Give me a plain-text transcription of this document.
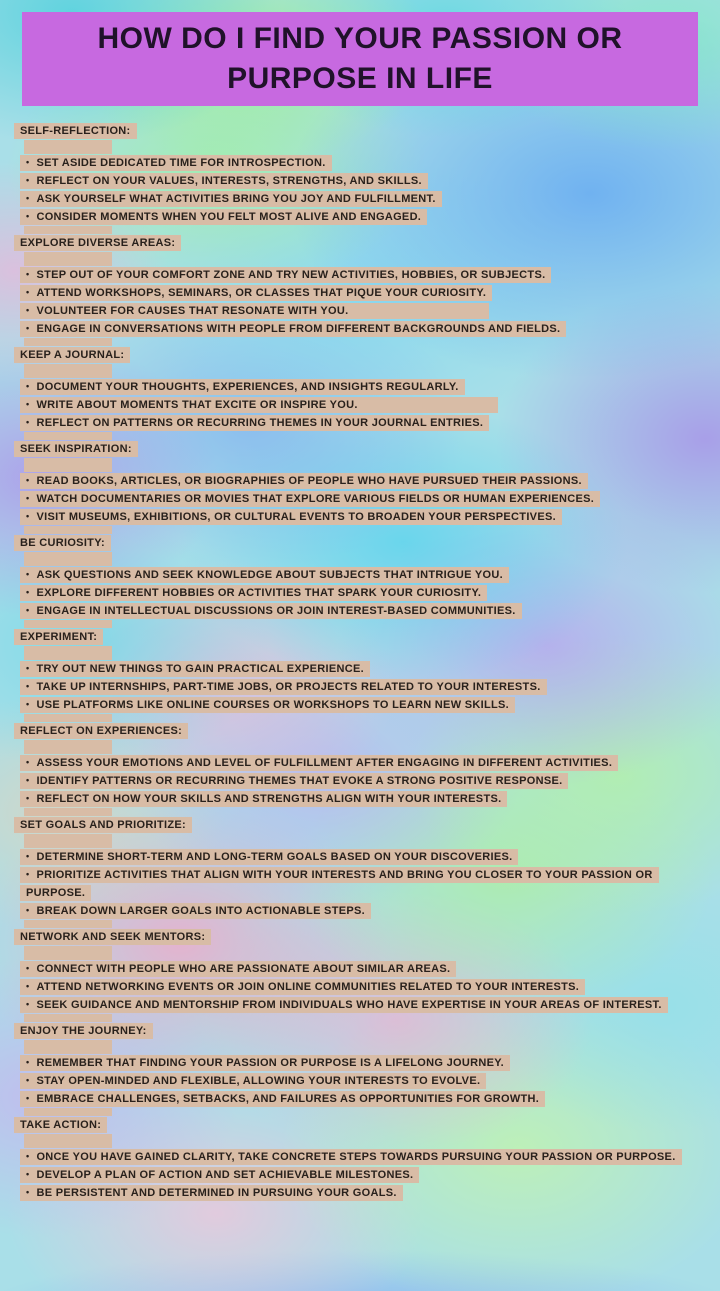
HOW DO I FIND YOUR PASSION OR PURPOSE IN LIFE
SELF-REFLECTION:
• SET ASIDE DEDICATED TIME FOR INTROSPECTION.
• REFLECT ON YOUR VALUES, INTERESTS, STRENGTHS, AND SKILLS.
• ASK YOURSELF WHAT ACTIVITIES BRING YOU JOY AND FULFILLMENT.
• CONSIDER MOMENTS WHEN YOU FELT MOST ALIVE AND ENGAGED.
EXPLORE DIVERSE AREAS:
• STEP OUT OF YOUR COMFORT ZONE AND TRY NEW ACTIVITIES, HOBBIES, OR SUBJECTS.
• ATTEND WORKSHOPS, SEMINARS, OR CLASSES THAT PIQUE YOUR CURIOSITY.
• VOLUNTEER FOR CAUSES THAT RESONATE WITH YOU.
• ENGAGE IN CONVERSATIONS WITH PEOPLE FROM DIFFERENT BACKGROUNDS AND FIELDS.
KEEP A JOURNAL:
• DOCUMENT YOUR THOUGHTS, EXPERIENCES, AND INSIGHTS REGULARLY.
• WRITE ABOUT MOMENTS THAT EXCITE OR INSPIRE YOU.
• REFLECT ON PATTERNS OR RECURRING THEMES IN YOUR JOURNAL ENTRIES.
SEEK INSPIRATION:
• READ BOOKS, ARTICLES, OR BIOGRAPHIES OF PEOPLE WHO HAVE PURSUED THEIR PASSIONS.
• WATCH DOCUMENTARIES OR MOVIES THAT EXPLORE VARIOUS FIELDS OR HUMAN EXPERIENCES.
• VISIT MUSEUMS, EXHIBITIONS, OR CULTURAL EVENTS TO BROADEN YOUR PERSPECTIVES.
BE CURIOSITY:
• ASK QUESTIONS AND SEEK KNOWLEDGE ABOUT SUBJECTS THAT INTRIGUE YOU.
• EXPLORE DIFFERENT HOBBIES OR ACTIVITIES THAT SPARK YOUR CURIOSITY.
• ENGAGE IN INTELLECTUAL DISCUSSIONS OR JOIN INTEREST-BASED COMMUNITIES.
EXPERIMENT:
• TRY OUT NEW THINGS TO GAIN PRACTICAL EXPERIENCE.
• TAKE UP INTERNSHIPS, PART-TIME JOBS, OR PROJECTS RELATED TO YOUR INTERESTS.
• USE PLATFORMS LIKE ONLINE COURSES OR WORKSHOPS TO LEARN NEW SKILLS.
REFLECT ON EXPERIENCES:
• ASSESS YOUR EMOTIONS AND LEVEL OF FULFILLMENT AFTER ENGAGING IN DIFFERENT ACTIVITIES.
• IDENTIFY PATTERNS OR RECURRING THEMES THAT EVOKE A STRONG POSITIVE RESPONSE.
• REFLECT ON HOW YOUR SKILLS AND STRENGTHS ALIGN WITH YOUR INTERESTS.
SET GOALS AND PRIORITIZE:
• DETERMINE SHORT-TERM AND LONG-TERM GOALS BASED ON YOUR DISCOVERIES.
• PRIORITIZE ACTIVITIES THAT ALIGN WITH YOUR INTERESTS AND BRING YOU CLOSER TO YOUR PASSION OR PURPOSE.
• BREAK DOWN LARGER GOALS INTO ACTIONABLE STEPS.
NETWORK AND SEEK MENTORS:
• CONNECT WITH PEOPLE WHO ARE PASSIONATE ABOUT SIMILAR AREAS.
• ATTEND NETWORKING EVENTS OR JOIN ONLINE COMMUNITIES RELATED TO YOUR INTERESTS.
• SEEK GUIDANCE AND MENTORSHIP FROM INDIVIDUALS WHO HAVE EXPERTISE IN YOUR AREAS OF INTEREST.
ENJOY THE JOURNEY:
• REMEMBER THAT FINDING YOUR PASSION OR PURPOSE IS A LIFELONG JOURNEY.
• STAY OPEN-MINDED AND FLEXIBLE, ALLOWING YOUR INTERESTS TO EVOLVE.
• EMBRACE CHALLENGES, SETBACKS, AND FAILURES AS OPPORTUNITIES FOR GROWTH.
TAKE ACTION:
• ONCE YOU HAVE GAINED CLARITY, TAKE CONCRETE STEPS TOWARDS PURSUING YOUR PASSION OR PURPOSE.
• DEVELOP A PLAN OF ACTION AND SET ACHIEVABLE MILESTONES.
• BE PERSISTENT AND DETERMINED IN PURSUING YOUR GOALS.
